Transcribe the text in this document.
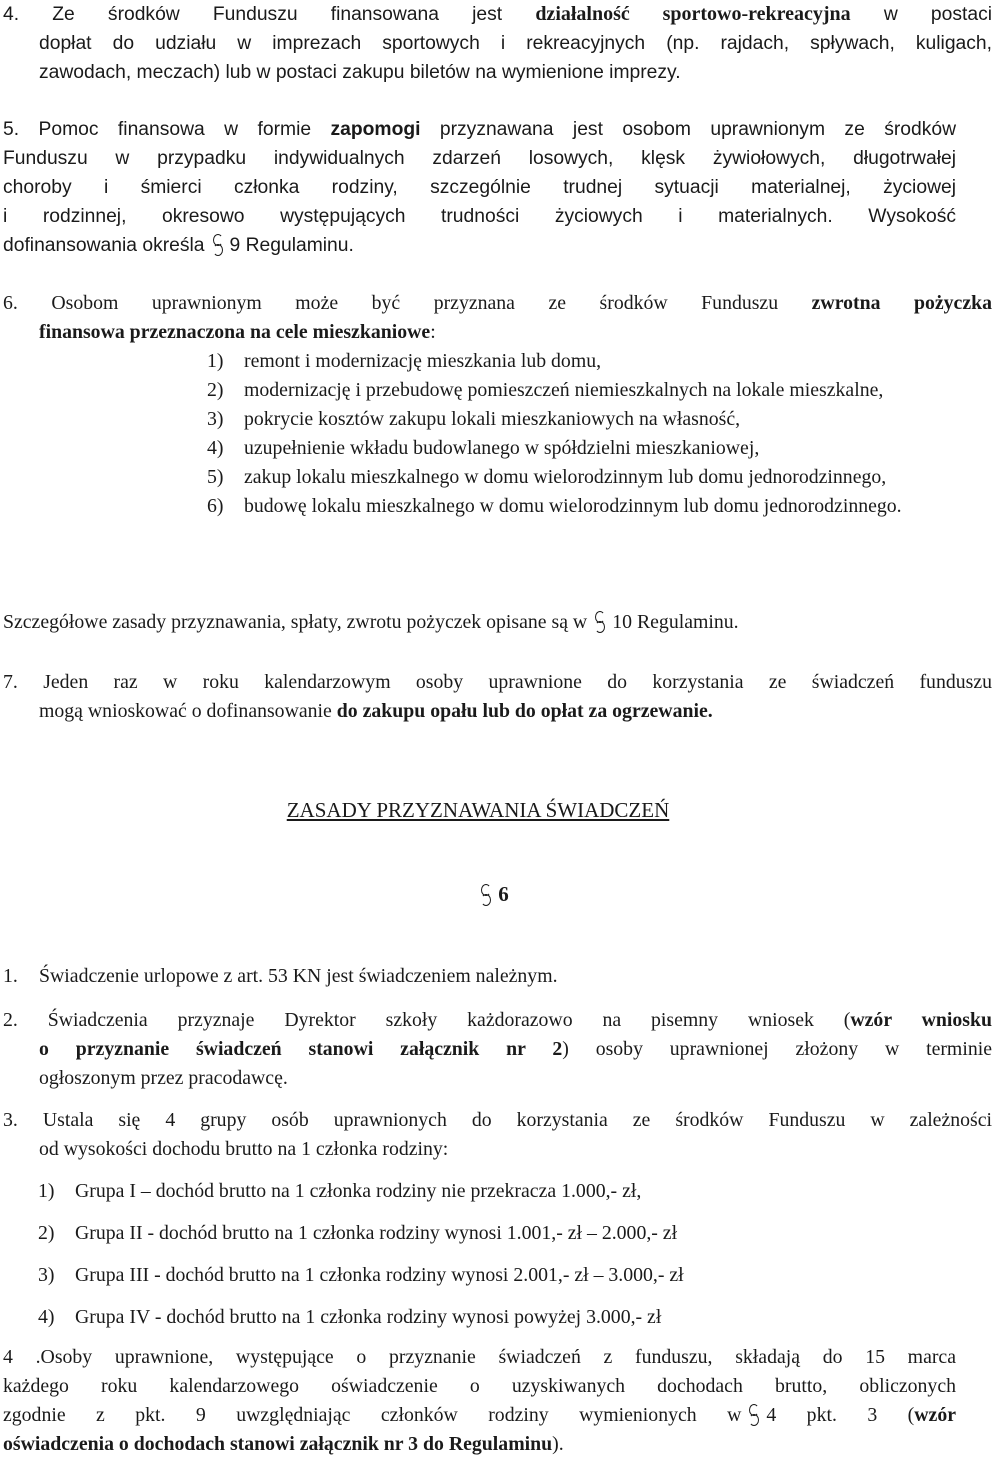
4. Ze środków Funduszu finansowana jest działalność sportowo-rekreacyjna w postaci
dopłat do udziału w imprezach sportowych i rekreacyjnych (np. rajdach, spływach, kuligach,
zawodach, meczach) lub w postaci zakupu biletów na wymienione imprezy.
5. Pomoc finansowa w formie zapomogi przyznawana jest osobom uprawnionym ze środków
Funduszu w przypadku indywidualnych zdarzeń losowych, klęsk żywiołowych, długotrwałej
choroby i śmierci członka rodziny, szczególnie trudnej sytuacji materialnej, życiowej
i rodzinnej, okresowo występujących trudności życiowych i materialnych. Wysokość
dofinansowania określa 9 Regulaminu.
6. Osobom uprawnionym może być przyznana ze środków Funduszu zwrotna pożyczka
finansowa przeznaczona na cele mieszkaniowe:
1) remont i modernizację mieszkania lub domu,
2) modernizację i przebudowę pomieszczeń niemieszkalnych na lokale mieszkalne,
3) pokrycie kosztów zakupu lokali mieszkaniowych na własność,
4) uzupełnienie wkładu budowlanego w spółdzielni mieszkaniowej,
5) zakup lokalu mieszkalnego w domu wielorodzinnym lub domu jednorodzinnego,
6) budowę lokalu mieszkalnego w domu wielorodzinnym lub domu jednorodzinnego.
Szczegółowe zasady przyznawania, spłaty, zwrotu pożyczek opisane są w 10 Regulaminu.
7. Jeden raz w roku kalendarzowym osoby uprawnione do korzystania ze świadczeń funduszu
mogą wnioskować o dofinansowanie do zakupu opału lub do opłat za ogrzewanie.
ZASADY PRZYZNAWANIA ŚWIADCZEŃ
6
1. Świadczenie urlopowe z art. 53 KN jest świadczeniem należnym.
2. Świadczenia przyznaje Dyrektor szkoły każdorazowo na pisemny wniosek (wzór wniosku
o przyznanie świadczeń stanowi załącznik nr 2) osoby uprawnionej złożony w terminie
ogłoszonym przez pracodawcę.
3. Ustala się 4 grupy osób uprawnionych do korzystania ze środków Funduszu w zależności
od wysokości dochodu brutto na 1 członka rodziny:
1) Grupa I – dochód brutto na 1 członka rodziny nie przekracza 1.000,- zł,
2) Grupa II - dochód brutto na 1 członka rodziny wynosi 1.001,- zł – 2.000,- zł
3) Grupa III - dochód brutto na 1 członka rodziny wynosi 2.001,- zł – 3.000,- zł
4) Grupa IV - dochód brutto na 1 członka rodziny wynosi powyżej 3.000,- zł
4 .Osoby uprawnione, występujące o przyznanie świadczeń z funduszu, składają do 15 marca
każdego roku kalendarzowego oświadczenie o uzyskiwanych dochodach brutto, obliczonych
zgodnie z pkt. 9 uwzględniając członków rodziny wymienionych w 4 pkt. 3 (wzór
oświadczenia o dochodach stanowi załącznik nr 3 do Regulaminu).
